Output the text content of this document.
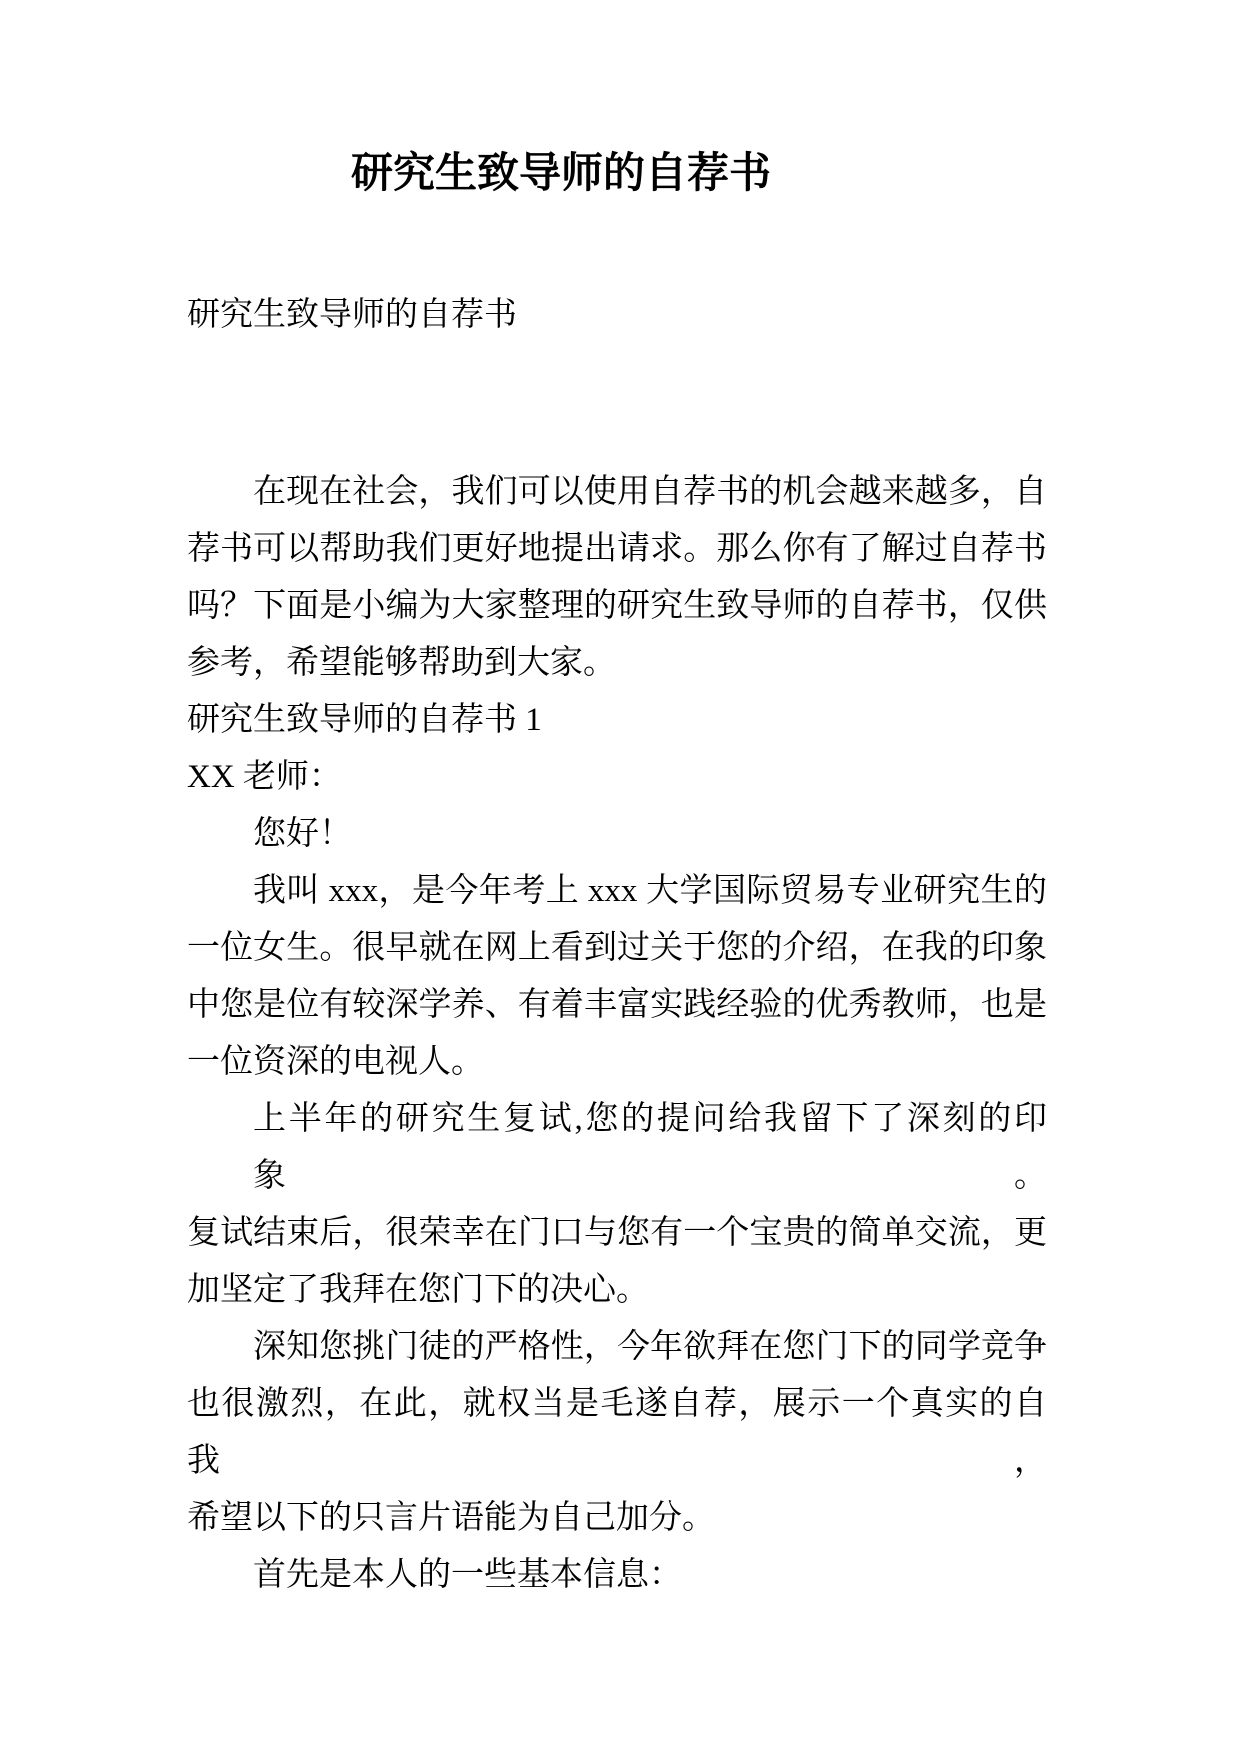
研究生致导师的自荐书
研究生致导师的自荐书
在现在社会，我们可以使用自荐书的机会越来越多，自
荐书可以帮助我们更好地提出请求。那么你有了解过自荐书
吗？下面是小编为大家整理的研究生致导师的自荐书，仅供
参考，希望能够帮助到大家。
研究生致导师的自荐书 1
XX 老师：
您好！
我叫 xxx，是今年考上 xxx 大学国际贸易专业研究生的
一位女生。很早就在网上看到过关于您的介绍，在我的印象
中您是位有较深学养、有着丰富实践经验的优秀教师，也是
一位资深的电视人。
上半年的研究生复试,您的提问给我留下了深刻的印象。
复试结束后，很荣幸在门口与您有一个宝贵的简单交流，更
加坚定了我拜在您门下的决心。
深知您挑门徒的严格性，今年欲拜在您门下的同学竞争
也很激烈，在此，就权当是毛遂自荐，展示一个真实的自我，
希望以下的只言片语能为自己加分。
首先是本人的一些基本信息：
